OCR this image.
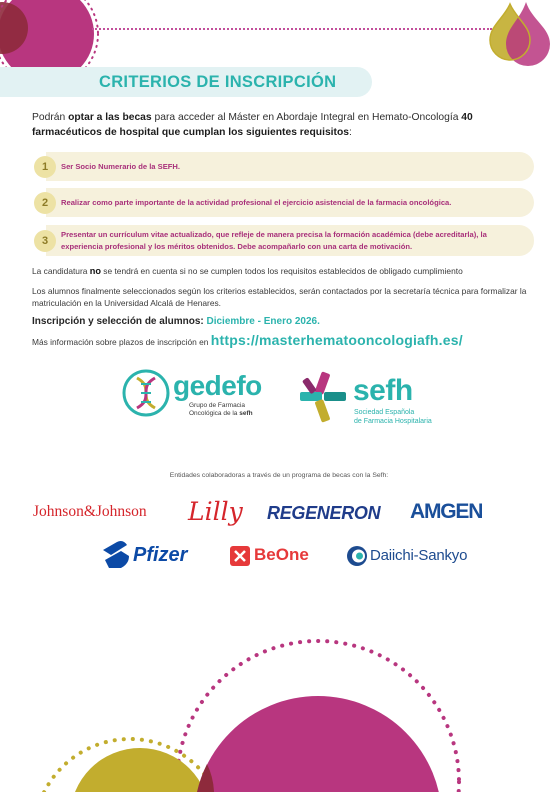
CRITERIOS DE INSCRIPCIÓN

Podrán optar a las becas para acceder al Máster en Abordaje Integral en Hemato-Oncología 40 farmacéuticos de hospital que cumplan los siguientes requisitos:

1	Ser Socio Numerario de la SEFH.
2	Realizar como parte importante de la actividad profesional el ejercicio asistencial de la farmacia oncológica.
3
Presentar un currículum vitae actualizado, que refleje de manera precisa la formación académica (debe acreditarla), la experiencia profesional y los méritos obtenidos. Debe acompañarlo con una carta de motivación.

La candidatura no se tendrá en cuenta si no se cumplen todos los requisitos establecidos de obligado cumplimiento

Los alumnos finalmente seleccionados según los criterios establecidos, serán contactados por la secretaría técnica para formalizar la matriculación en la Universidad Alcalá de Henares.

Inscripción y selección de alumnos: Diciembre - Enero 2026.

Más información sobre plazos de inscripción en https://masterhematooncologiafh.es/

gedefo
Grupo de Farmacia
Oncológica de la sefh
sefh
Sociedad Española
de Farmacia Hospitalaria

Entidades colaboradoras a través de un programa de becas con la Sefh:

Johnson&Johnson Lilly REGENERON AMGEN
Pfizer	BeOne	Daiichi-Sankyo
